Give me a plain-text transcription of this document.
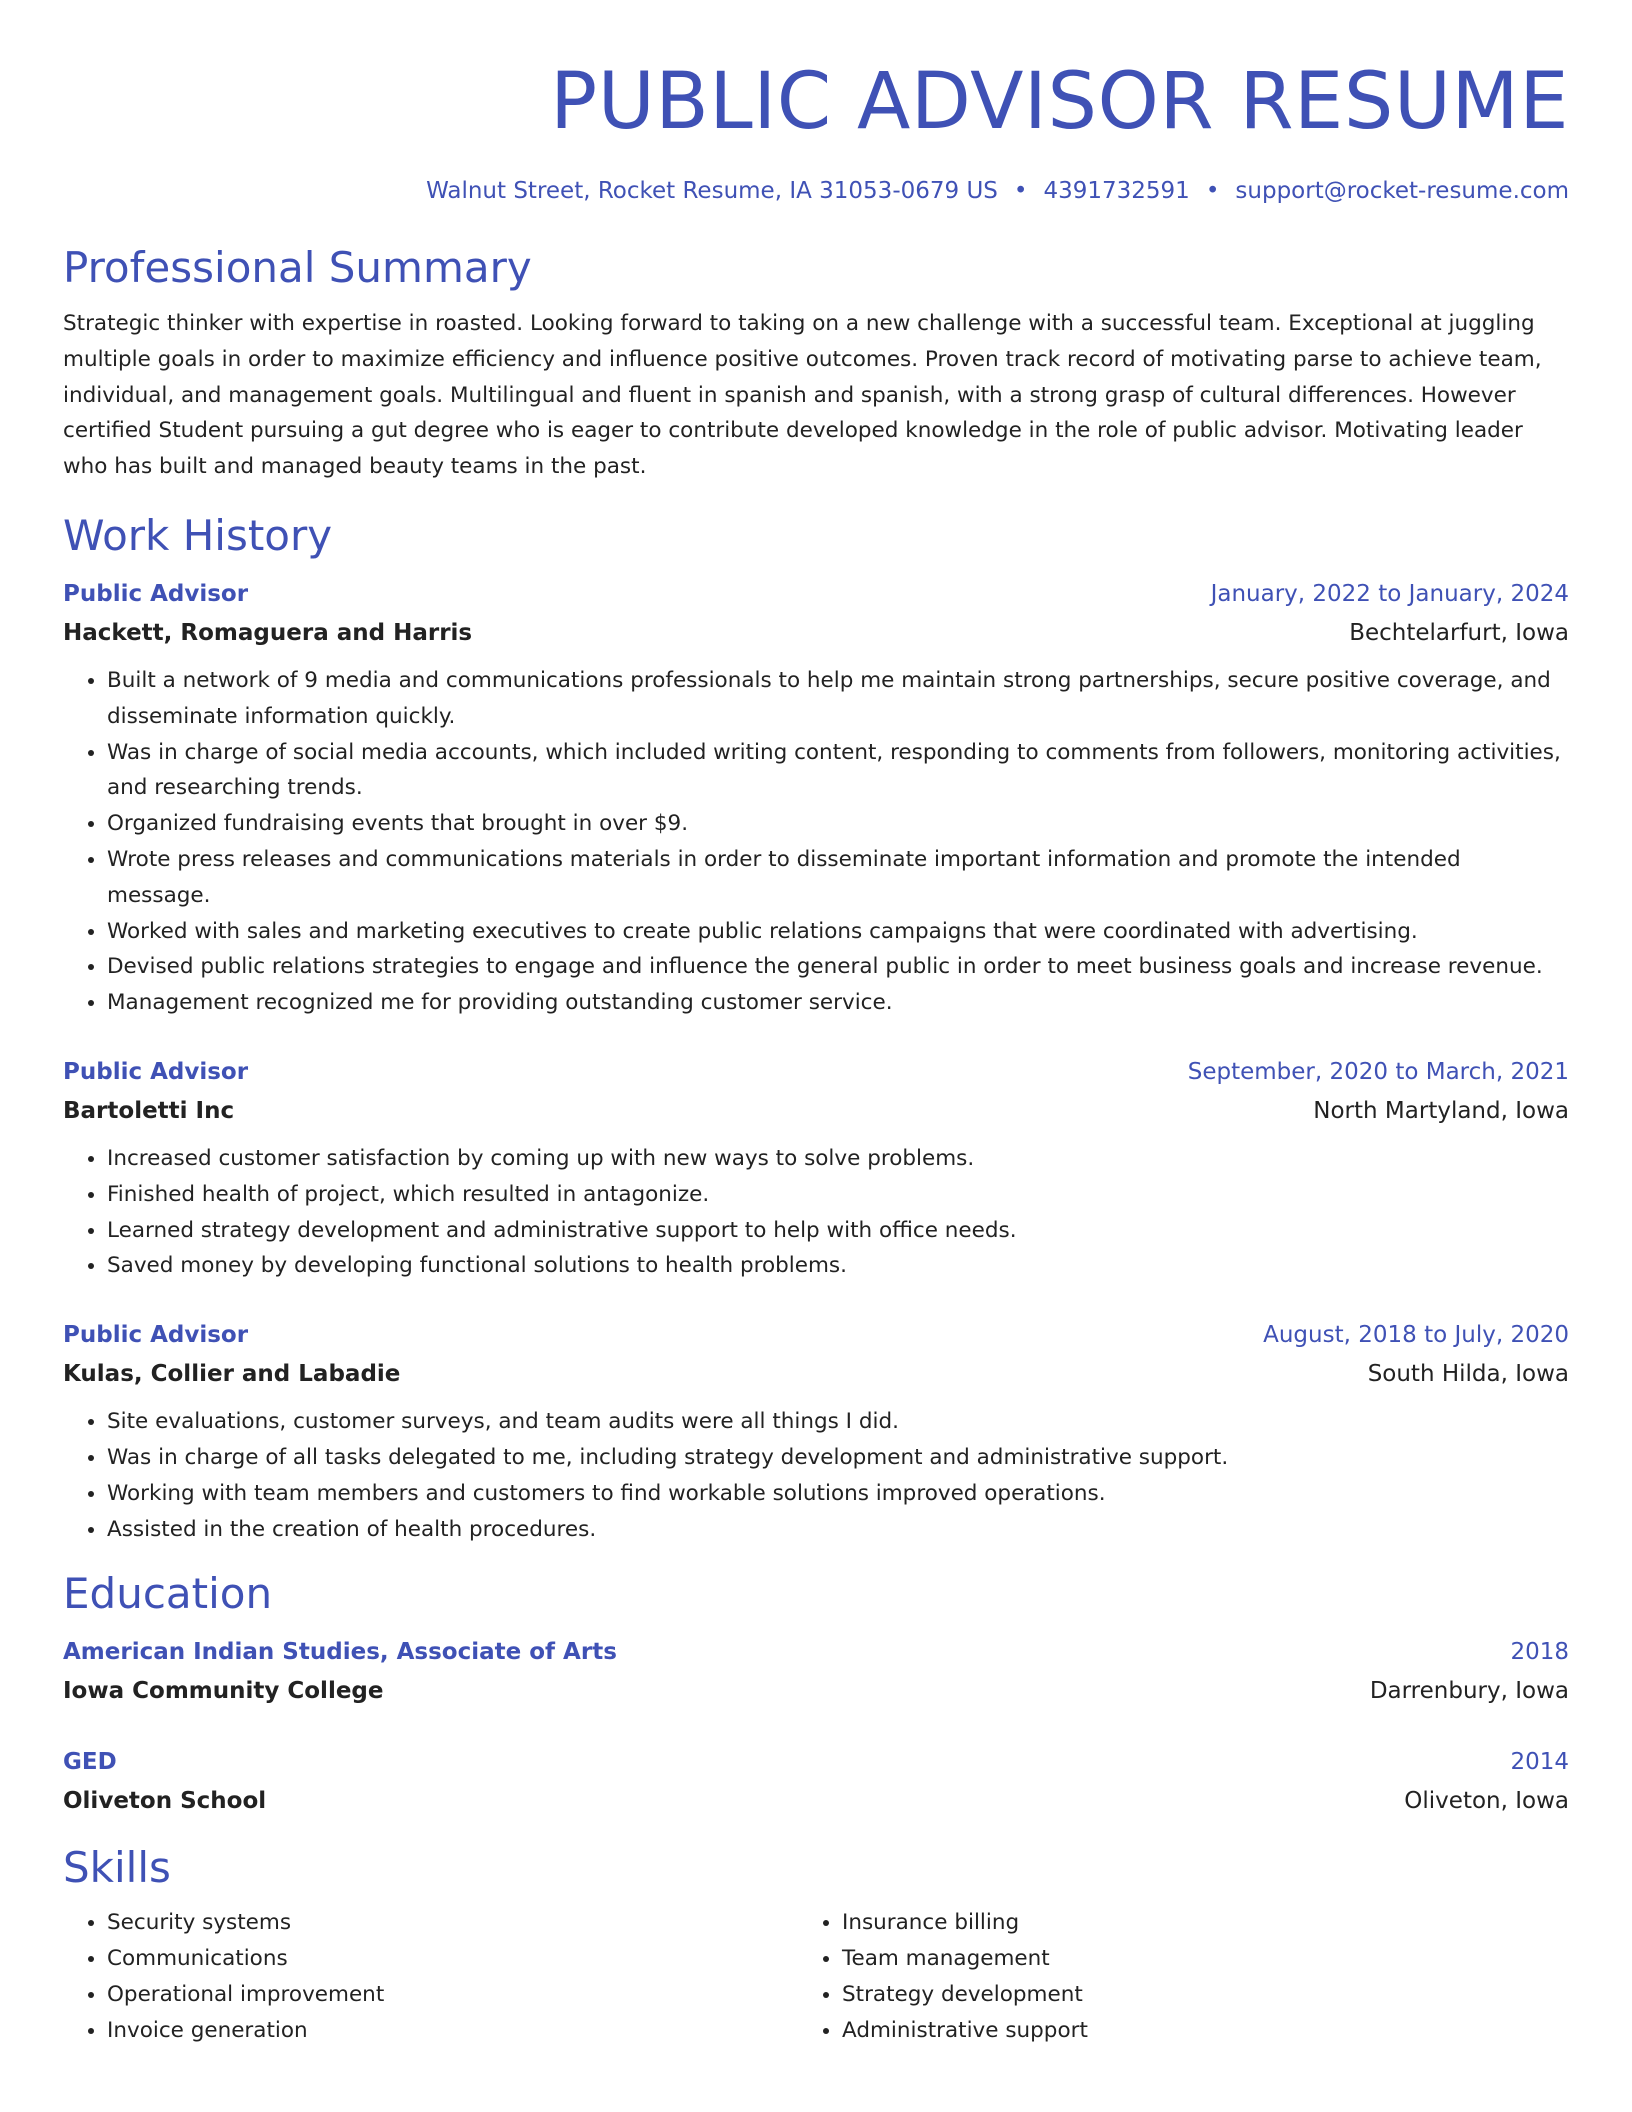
PUBLIC ADVISOR RESUME
Walnut Street, Rocket Resume, IA 31053-0679 US • 4391732591 • support@rocket-resume.com
Professional Summary
Strategic thinker with expertise in roasted. Looking forward to taking on a new challenge with a successful team. Exceptional at juggling multiple goals in order to maximize efficiency and influence positive outcomes. Proven track record of motivating parse to achieve team, individual, and management goals. Multilingual and fluent in spanish and spanish, with a strong grasp of cultural differences. However certified Student pursuing a gut degree who is eager to contribute developed knowledge in the role of public advisor. Motivating leader who has built and managed beauty teams in the past.
Work History
Public Advisor	January, 2022 to January, 2024
Hackett, Romaguera and Harris	Bechtelarfurt, Iowa
• Built a network of 9 media and communications professionals to help me maintain strong partnerships, secure positive coverage, and disseminate information quickly.
• Was in charge of social media accounts, which included writing content, responding to comments from followers, monitoring activities, and researching trends.
• Organized fundraising events that brought in over $9.
• Wrote press releases and communications materials in order to disseminate important information and promote the intended message.
• Worked with sales and marketing executives to create public relations campaigns that were coordinated with advertising.
• Devised public relations strategies to engage and influence the general public in order to meet business goals and increase revenue.
• Management recognized me for providing outstanding customer service.
Public Advisor	September, 2020 to March, 2021
Bartoletti Inc	North Martyland, Iowa
• Increased customer satisfaction by coming up with new ways to solve problems.
• Finished health of project, which resulted in antagonize.
• Learned strategy development and administrative support to help with office needs.
• Saved money by developing functional solutions to health problems.
Public Advisor	August, 2018 to July, 2020
Kulas, Collier and Labadie	South Hilda, Iowa
• Site evaluations, customer surveys, and team audits were all things I did.
• Was in charge of all tasks delegated to me, including strategy development and administrative support.
• Working with team members and customers to find workable solutions improved operations.
• Assisted in the creation of health procedures.
Education
American Indian Studies, Associate of Arts	2018
Iowa Community College	Darrenbury, Iowa
GED	2014
Oliveton School	Oliveton, Iowa
Skills
• Security systems
• Communications
• Operational improvement
• Invoice generation
• Insurance billing
• Team management
• Strategy development
• Administrative support
